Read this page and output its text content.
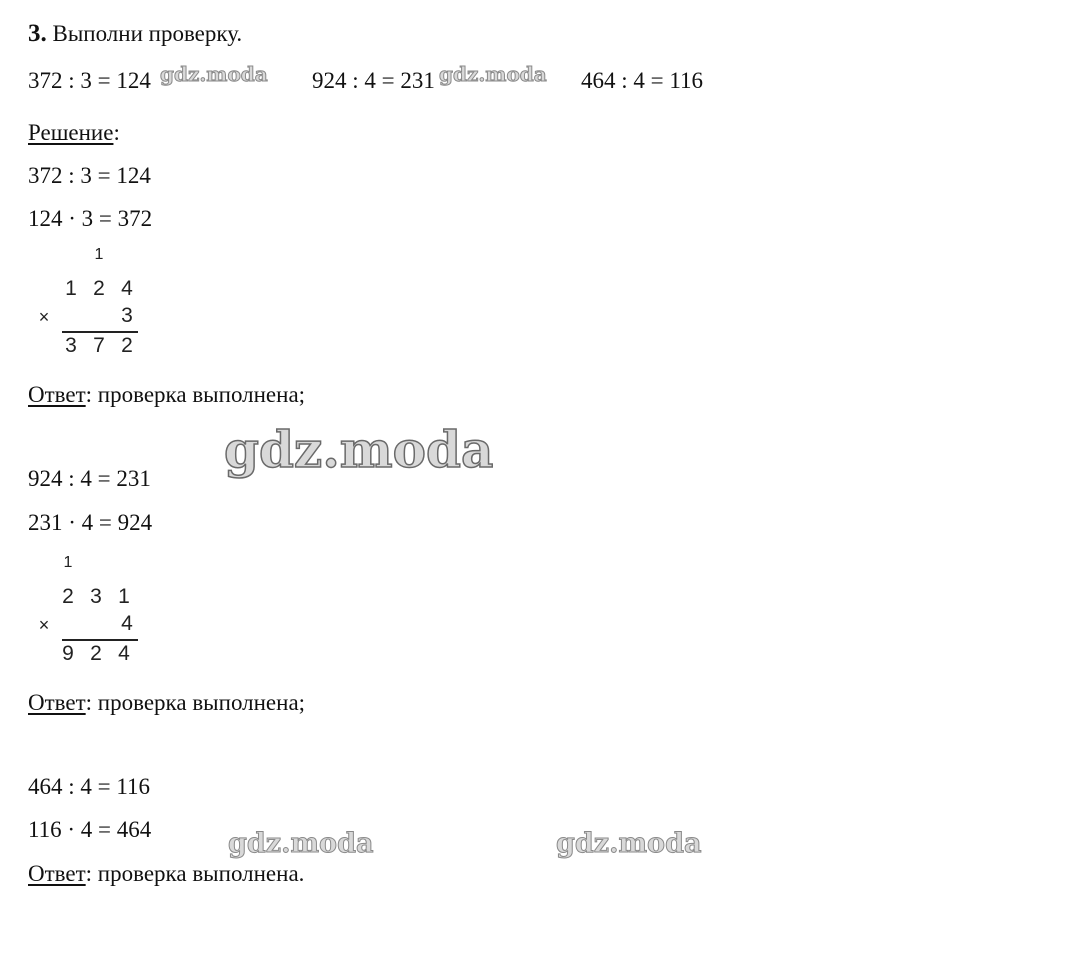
3. Выполни проверку.
372 : 3 = 124	924 : 4 = 231	464 : 4 = 116
Решение:
372 : 3 = 124
124 · 3 = 372
1
1 2 4
×	3
3 7 2
Ответ: проверка выполнена;
924 : 4 = 231
231 · 4 = 924
1
2 3 1
×	4
9 2 4
Ответ: проверка выполнена;
464 : 4 = 116
116 · 4 = 464
Ответ: проверка выполнена.
gdz.moda	gdz.moda
gdz.moda
gdz.moda	gdz.moda
